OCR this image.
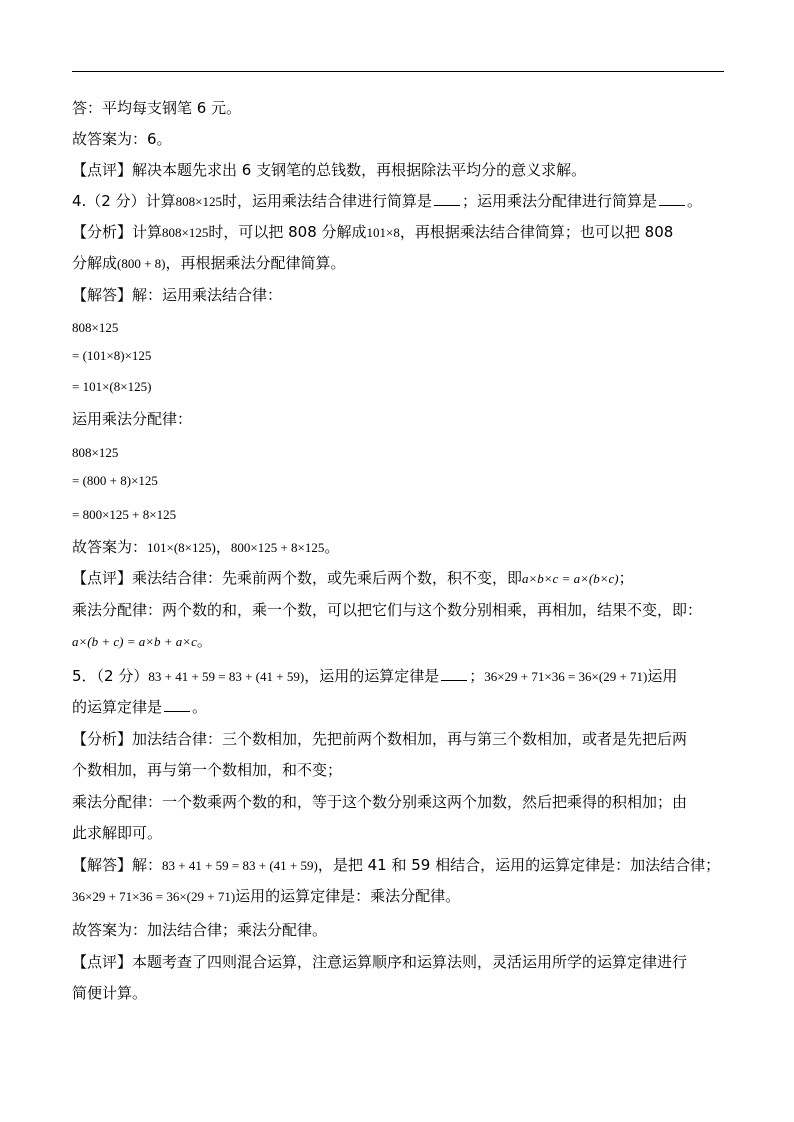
答：平均每支钢笔 6 元。
故答案为：6。
【点评】解决本题先求出 6 支钢笔的总钱数，再根据除法平均分的意义求解。
4.（2 分）计算808×125时，运用乘法结合律进行简算是 ；运用乘法分配律进行简算是 。
【分析】计算808×125时，可以把 808 分解成101×8，再根据乘法结合律简算；也可以把 808
分解成(800 + 8)，再根据乘法分配律简算。
【解答】解：运用乘法结合律：
808×125
= (101×8)×125
= 101×(8×125)
运用乘法分配律：
808×125
= (800 + 8)×125
= 800×125 + 8×125
故答案为：101×(8×125)，800×125 + 8×125。
【点评】乘法结合律：先乘前两个数，或先乘后两个数，积不变，即a×b×c = a×(b×c)；
乘法分配律：两个数的和，乘一个数，可以把它们与这个数分别相乘，再相加，结果不变，即：
a×(b + c) = a×b + a×c。
5．（2 分）83 + 41 + 59 = 83 + (41 + 59)，运用的运算定律是 ；36×29 + 71×36 = 36×(29 + 71)运用
的运算定律是 。
【分析】加法结合律：三个数相加，先把前两个数相加，再与第三个数相加，或者是先把后两
个数相加，再与第一个数相加，和不变；
乘法分配律：一个数乘两个数的和，等于这个数分别乘这两个加数，然后把乘得的积相加；由
此求解即可。
【解答】解：83 + 41 + 59 = 83 + (41 + 59)，是把 41 和 59 相结合，运用的运算定律是：加法结合律；
36×29 + 71×36 = 36×(29 + 71)运用的运算定律是：乘法分配律。
故答案为：加法结合律；乘法分配律。
【点评】本题考查了四则混合运算，注意运算顺序和运算法则，灵活运用所学的运算定律进行
简便计算。
